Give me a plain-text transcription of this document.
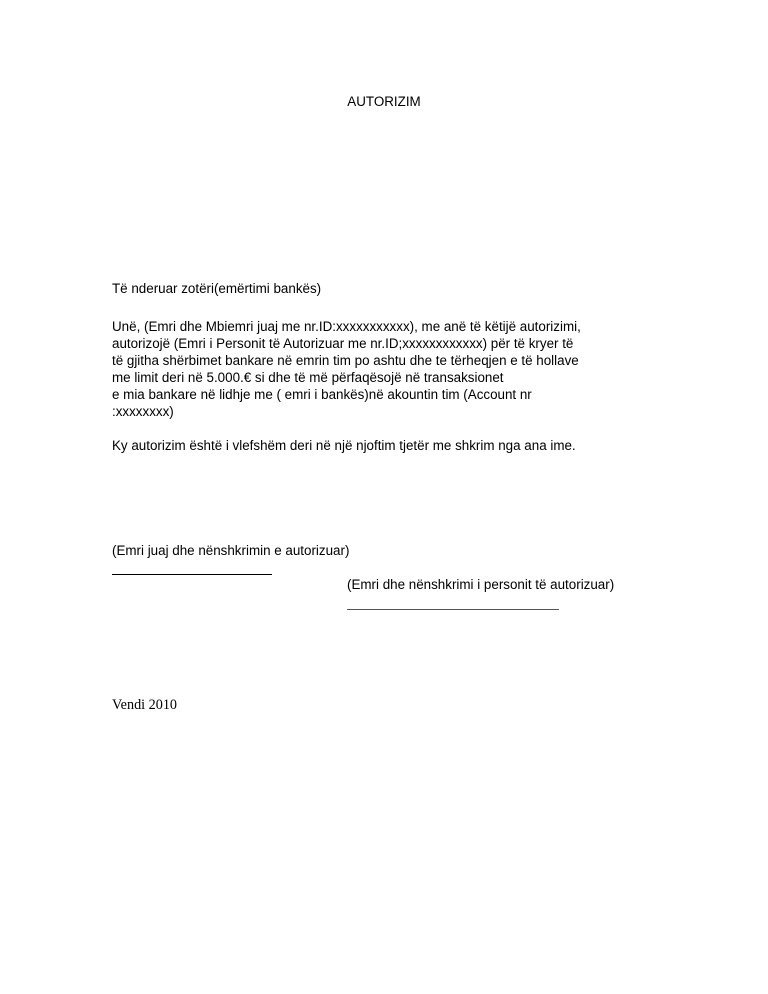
AUTORIZIM
Të nderuar zotëri(emërtimi bankës)
Unë, (Emri dhe Mbiemri juaj me nr.ID:xxxxxxxxxxx), me anë të këtijë autorizimi,
autorizojë (Emri i Personit të Autorizuar me nr.ID;xxxxxxxxxxxx) për të kryer të
të gjitha shërbimet bankare në emrin tim po ashtu dhe te tërheqjen e të hollave
me limit deri në 5.000.€ si dhe të më përfaqësojë në transaksionet
e mia bankare në lidhje me ( emri i bankës)në akountin tim (Account nr
:xxxxxxxx)
Ky autorizim është i vlefshëm deri në një njoftim tjetër me shkrim nga ana ime.
(Emri juaj dhe nënshkrimin e autorizuar)
(Emri dhe nënshkrimi i personit të autorizuar)
Vendi 2010
